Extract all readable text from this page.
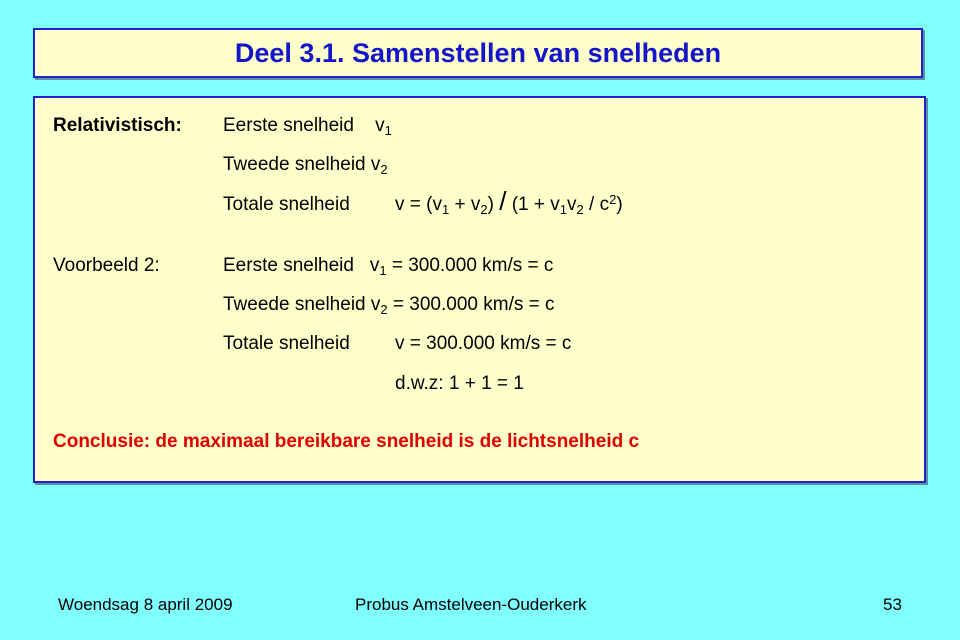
Deel 3.1. Samenstellen van snelheden
Relativistisch: Eerste snelheid $v_1$
Tweede snelheid $v_2$
Totale snelheid $v = (v_1 + v_2) / (1 + v_1v_2 / c^2)$
Voorbeeld 2:	Eerste snelheid $v_1 = 300.000$ km/s = c
Tweede snelheid $v_2 = 300.000$ km/s = c
Totale snelheid v = 300.000 km/s = c
d.w.z: 1 + 1 = 1
Conclusie: de maximaal bereikbare snelheid is de lichtsnelheid c
Woendsag 8 april 2009	Probus Amstelveen-Ouderkerk	53
